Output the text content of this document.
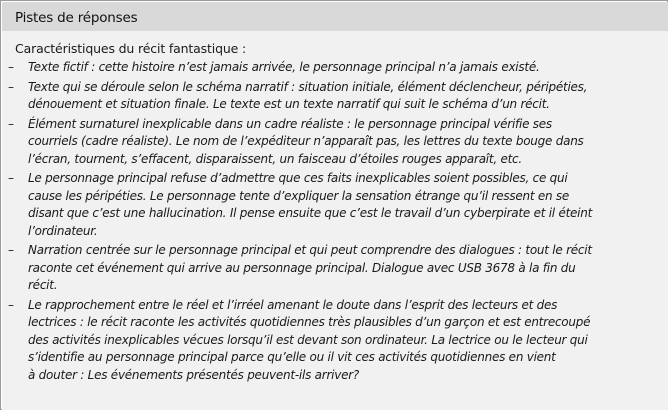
Pistes de réponses
Caractéristiques du récit fantastique :
– Texte fictif : cette histoire n’est jamais arrivée, le personnage principal n’a jamais existé.
– Texte qui se déroule selon le schéma narratif : situation initiale, élément déclencheur, péripéties,
dénouement et situation finale. Le texte est un texte narratif qui suit le schéma d’un récit.
– Élément surnaturel inexplicable dans un cadre réaliste : le personnage principal vérifie ses
courriels (cadre réaliste). Le nom de l’expéditeur n’apparaît pas, les lettres du texte bouge dans
l’écran, tournent, s’effacent, disparaissent, un faisceau d’étoiles rouges apparaît, etc.
– Le personnage principal refuse d’admettre que ces faits inexplicables soient possibles, ce qui
cause les péripéties. Le personnage tente d’expliquer la sensation étrange qu’il ressent en se
disant que c’est une hallucination. Il pense ensuite que c’est le travail d’un cyberpirate et il éteint
l’ordinateur.
– Narration centrée sur le personnage principal et qui peut comprendre des dialogues : tout le récit
raconte cet événement qui arrive au personnage principal. Dialogue avec USB 3678 à la fin du
récit.
– Le rapprochement entre le réel et l’irréel amenant le doute dans l’esprit des lecteurs et des
lectrices : le récit raconte les activités quotidiennes très plausibles d’un garçon et est entrecoupé
des activités inexplicables vécues lorsqu’il est devant son ordinateur. La lectrice ou le lecteur qui
s’identifie au personnage principal parce qu’elle ou il vit ces activités quotidiennes en vient
à douter : Les événements présentés peuvent-ils arriver?
